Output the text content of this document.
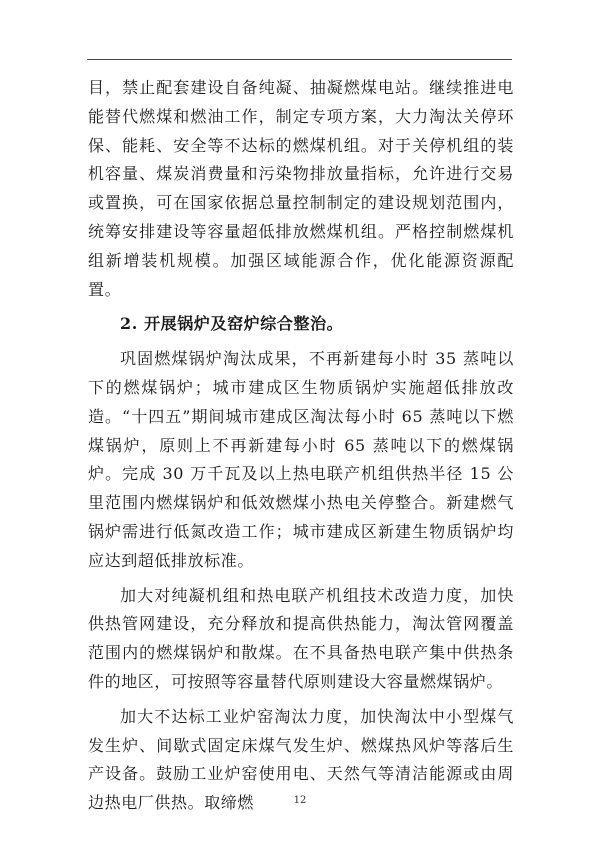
目，禁止配套建设自备纯凝、抽凝燃煤电站。继续推进电能替代燃煤和燃油工作，制定专项方案，大力淘汰关停环保、能耗、安全等不达标的燃煤机组。对于关停机组的装机容量、煤炭消费量和污染物排放量指标，允许进行交易或置换，可在国家依据总量控制制定的建设规划范围内，统筹安排建设等容量超低排放燃煤机组。严格控制燃煤机组新增装机规模。加强区域能源合作，优化能源资源配置。

2. 开展锅炉及窑炉综合整治。

巩固燃煤锅炉淘汰成果，不再新建每小时 35 蒸吨以下的燃煤锅炉；城市建成区生物质锅炉实施超低排放改造。“十四五”期间城市建成区淘汰每小时 65 蒸吨以下燃煤锅炉，原则上不再新建每小时 65 蒸吨以下的燃煤锅炉。完成 30 万千瓦及以上热电联产机组供热半径 15 公里范围内燃煤锅炉和低效燃煤小热电关停整合。新建燃气锅炉需进行低氮改造工作；城市建成区新建生物质锅炉均应达到超低排放标准。

加大对纯凝机组和热电联产机组技术改造力度，加快供热管网建设，充分释放和提高供热能力，淘汰管网覆盖范围内的燃煤锅炉和散煤。在不具备热电联产集中供热条件的地区，可按照等容量替代原则建设大容量燃煤锅炉。

加大不达标工业炉窑淘汰力度，加快淘汰中小型煤气发生炉、间歇式固定床煤气发生炉、燃煤热风炉等落后生产设备。鼓励工业炉窑使用电、天然气等清洁能源或由周边热电厂供热。取缔燃	12
